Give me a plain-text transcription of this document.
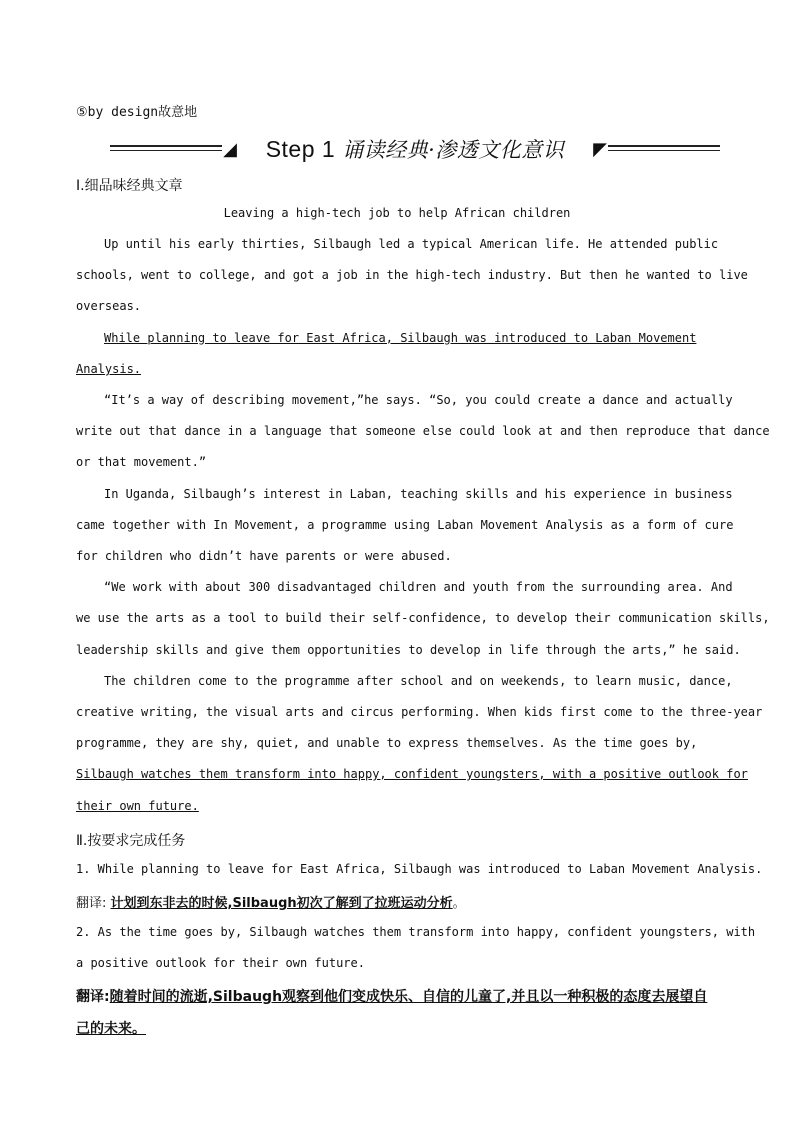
⑤by design故意地
◢	Step 1 诵读经典·渗透文化意识	◤
Ⅰ.细品味经典文章
Leaving a high-tech job to help African children
Up until his early thirties, Silbaugh led a typical American life. He attended public
schools, went to college, and got a job in the high-tech industry. But then he wanted to live
overseas.
While planning to leave for East Africa, Silbaugh was introduced to Laban Movement
Analysis.
“It’s a way of describing movement,”he says. “So, you could create a dance and actually
write out that dance in a language that someone else could look at and then reproduce that dance
or that movement.”
In Uganda, Silbaugh’s interest in Laban, teaching skills and his experience in business
came together with In Movement, a programme using Laban Movement Analysis as a form of cure
for children who didn’t have parents or were abused.
“We work with about 300 disadvantaged children and youth from the surrounding area. And
we use the arts as a tool to build their self-confidence, to develop their communication skills,
leadership skills and give them opportunities to develop in life through the arts,” he said.
The children come to the programme after school and on weekends, to learn music, dance,
creative writing, the visual arts and circus performing. When kids first come to the three-year
programme, they are shy, quiet, and unable to express themselves. As the time goes by,
Silbaugh watches them transform into happy, confident youngsters, with a positive outlook for
their own future.
Ⅱ.按要求完成任务
1. While planning to leave for East Africa, Silbaugh was introduced to Laban Movement Analysis.
翻译: 计划到东非去的时候,Silbaugh初次了解到了拉班运动分析。
2. As the time goes by, Silbaugh watches them transform into happy, confident youngsters, with
a positive outlook for their own future.
翻译:随着时间的流逝,Silbaugh观察到他们变成快乐、自信的儿童了,并且以一种积极的态度去展望自
己的未来。
